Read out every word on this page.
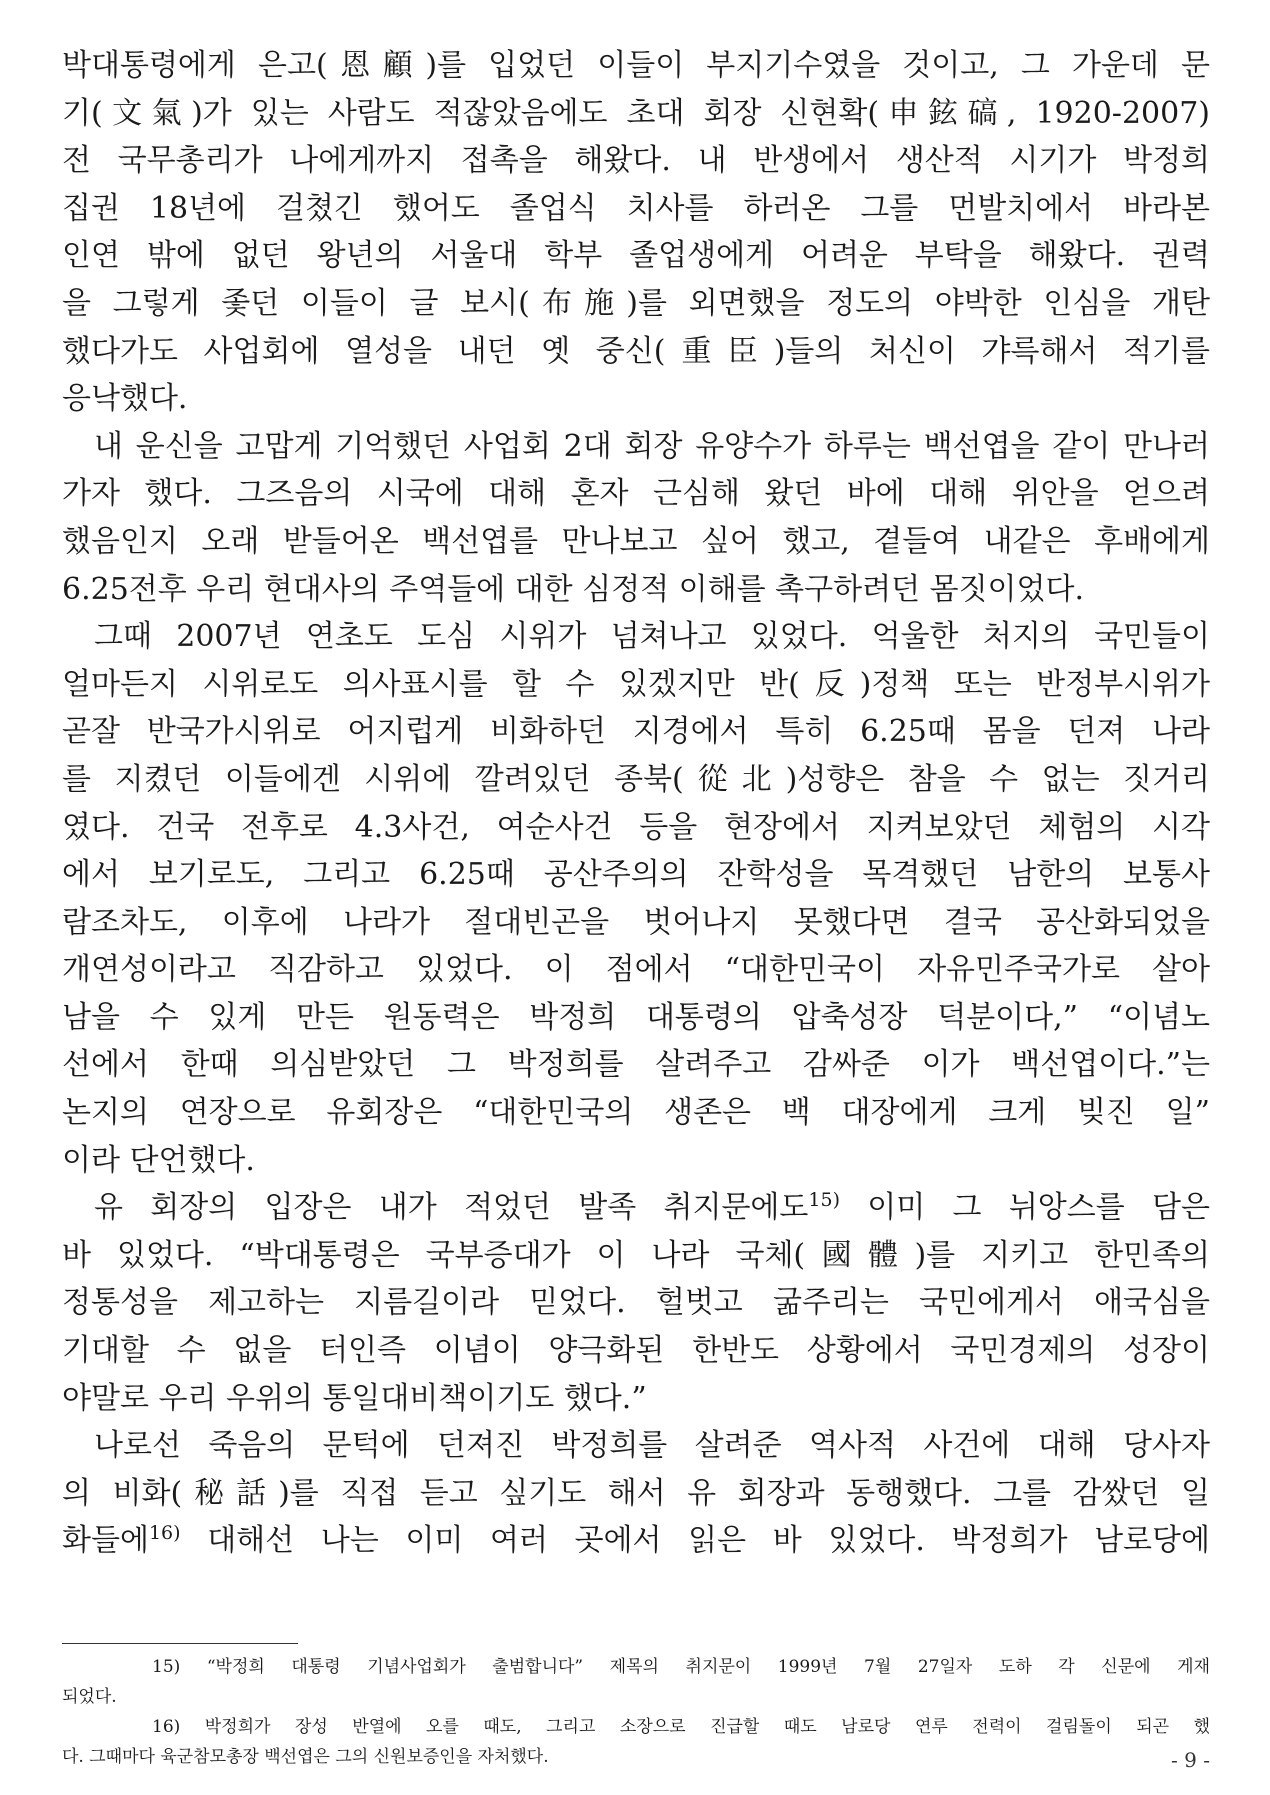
박대통령에게 은고(恩顧)를 입었던 이들이 부지기수였을 것이고, 그 가운데 문
기(文氣)가 있는 사람도 적잖았음에도 초대 회장 신현확(申鉉碻, 1920-2007)
전 국무총리가 나에게까지 접촉을 해왔다. 내 반생에서 생산적 시기가 박정희
집권 18년에 걸쳤긴 했어도 졸업식 치사를 하러온 그를 먼발치에서 바라본
인연 밖에 없던 왕년의 서울대 학부 졸업생에게 어려운 부탁을 해왔다. 권력
을 그렇게 좇던 이들이 글 보시(布施)를 외면했을 정도의 야박한 인심을 개탄
했다가도 사업회에 열성을 내던 옛 중신(重臣)들의 처신이 갸륵해서 적기를
응낙했다.
내 운신을 고맙게 기억했던 사업회 2대 회장 유양수가 하루는 백선엽을 같이 만나러
가자 했다. 그즈음의 시국에 대해 혼자 근심해 왔던 바에 대해 위안을 얻으려
했음인지 오래 받들어온 백선엽를 만나보고 싶어 했고, 곁들여 내같은 후배에게
6.25전후 우리 현대사의 주역들에 대한 심정적 이해를 촉구하려던 몸짓이었다.
그때 2007년 연초도 도심 시위가 넘쳐나고 있었다. 억울한 처지의 국민들이
얼마든지 시위로도 의사표시를 할 수 있겠지만 반(反)정책 또는 반정부시위가
곧잘 반국가시위로 어지럽게 비화하던 지경에서 특히 6.25때 몸을 던져 나라
를 지켰던 이들에겐 시위에 깔려있던 종북(從北)성향은 참을 수 없는 짓거리
였다. 건국 전후로 4.3사건, 여순사건 등을 현장에서 지켜보았던 체험의 시각
에서 보기로도, 그리고 6.25때 공산주의의 잔학성을 목격했던 남한의 보통사
람조차도, 이후에 나라가 절대빈곤을 벗어나지 못했다면 결국 공산화되었을
개연성이라고 직감하고 있었다. 이 점에서 “대한민국이 자유민주국가로 살아
남을 수 있게 만든 원동력은 박정희 대통령의 압축성장 덕분이다,” “이념노
선에서 한때 의심받았던 그 박정희를 살려주고 감싸준 이가 백선엽이다.”는
논지의 연장으로 유회장은 “대한민국의 생존은 백 대장에게 크게 빚진 일”
이라 단언했다.
유 회장의 입장은 내가 적었던 발족 취지문에도$^{15)}$ 이미 그 뉘앙스를 담은
바 있었다. “박대통령은 국부증대가 이 나라 국체(國體)를 지키고 한민족의
정통성을 제고하는 지름길이라 믿었다. 헐벗고 굶주리는 국민에게서 애국심을
기대할 수 없을 터인즉 이념이 양극화된 한반도 상황에서 국민경제의 성장이
야말로 우리 우위의 통일대비책이기도 했다.”
나로선 죽음의 문턱에 던져진 박정희를 살려준 역사적 사건에 대해 당사자
의 비화(秘話)를 직접 듣고 싶기도 해서 유 회장과 동행했다. 그를 감쌌던 일
화들에$^{16)}$ 대해선 나는 이미 여러 곳에서 읽은 바 있었다. 박정희가 남로당에
15) “박정희 대통령 기념사업회가 출범합니다” 제목의 취지문이 1999년 7월 27일자 도하 각 신문에 게재
되었다.
16) 박정희가 장성 반열에 오를 때도, 그리고 소장으로 진급할 때도 남로당 연루 전력이 걸림돌이 되곤 했
다. 그때마다 육군참모총장 백선엽은 그의 신원보증인을 자처했다.	- 9 -
